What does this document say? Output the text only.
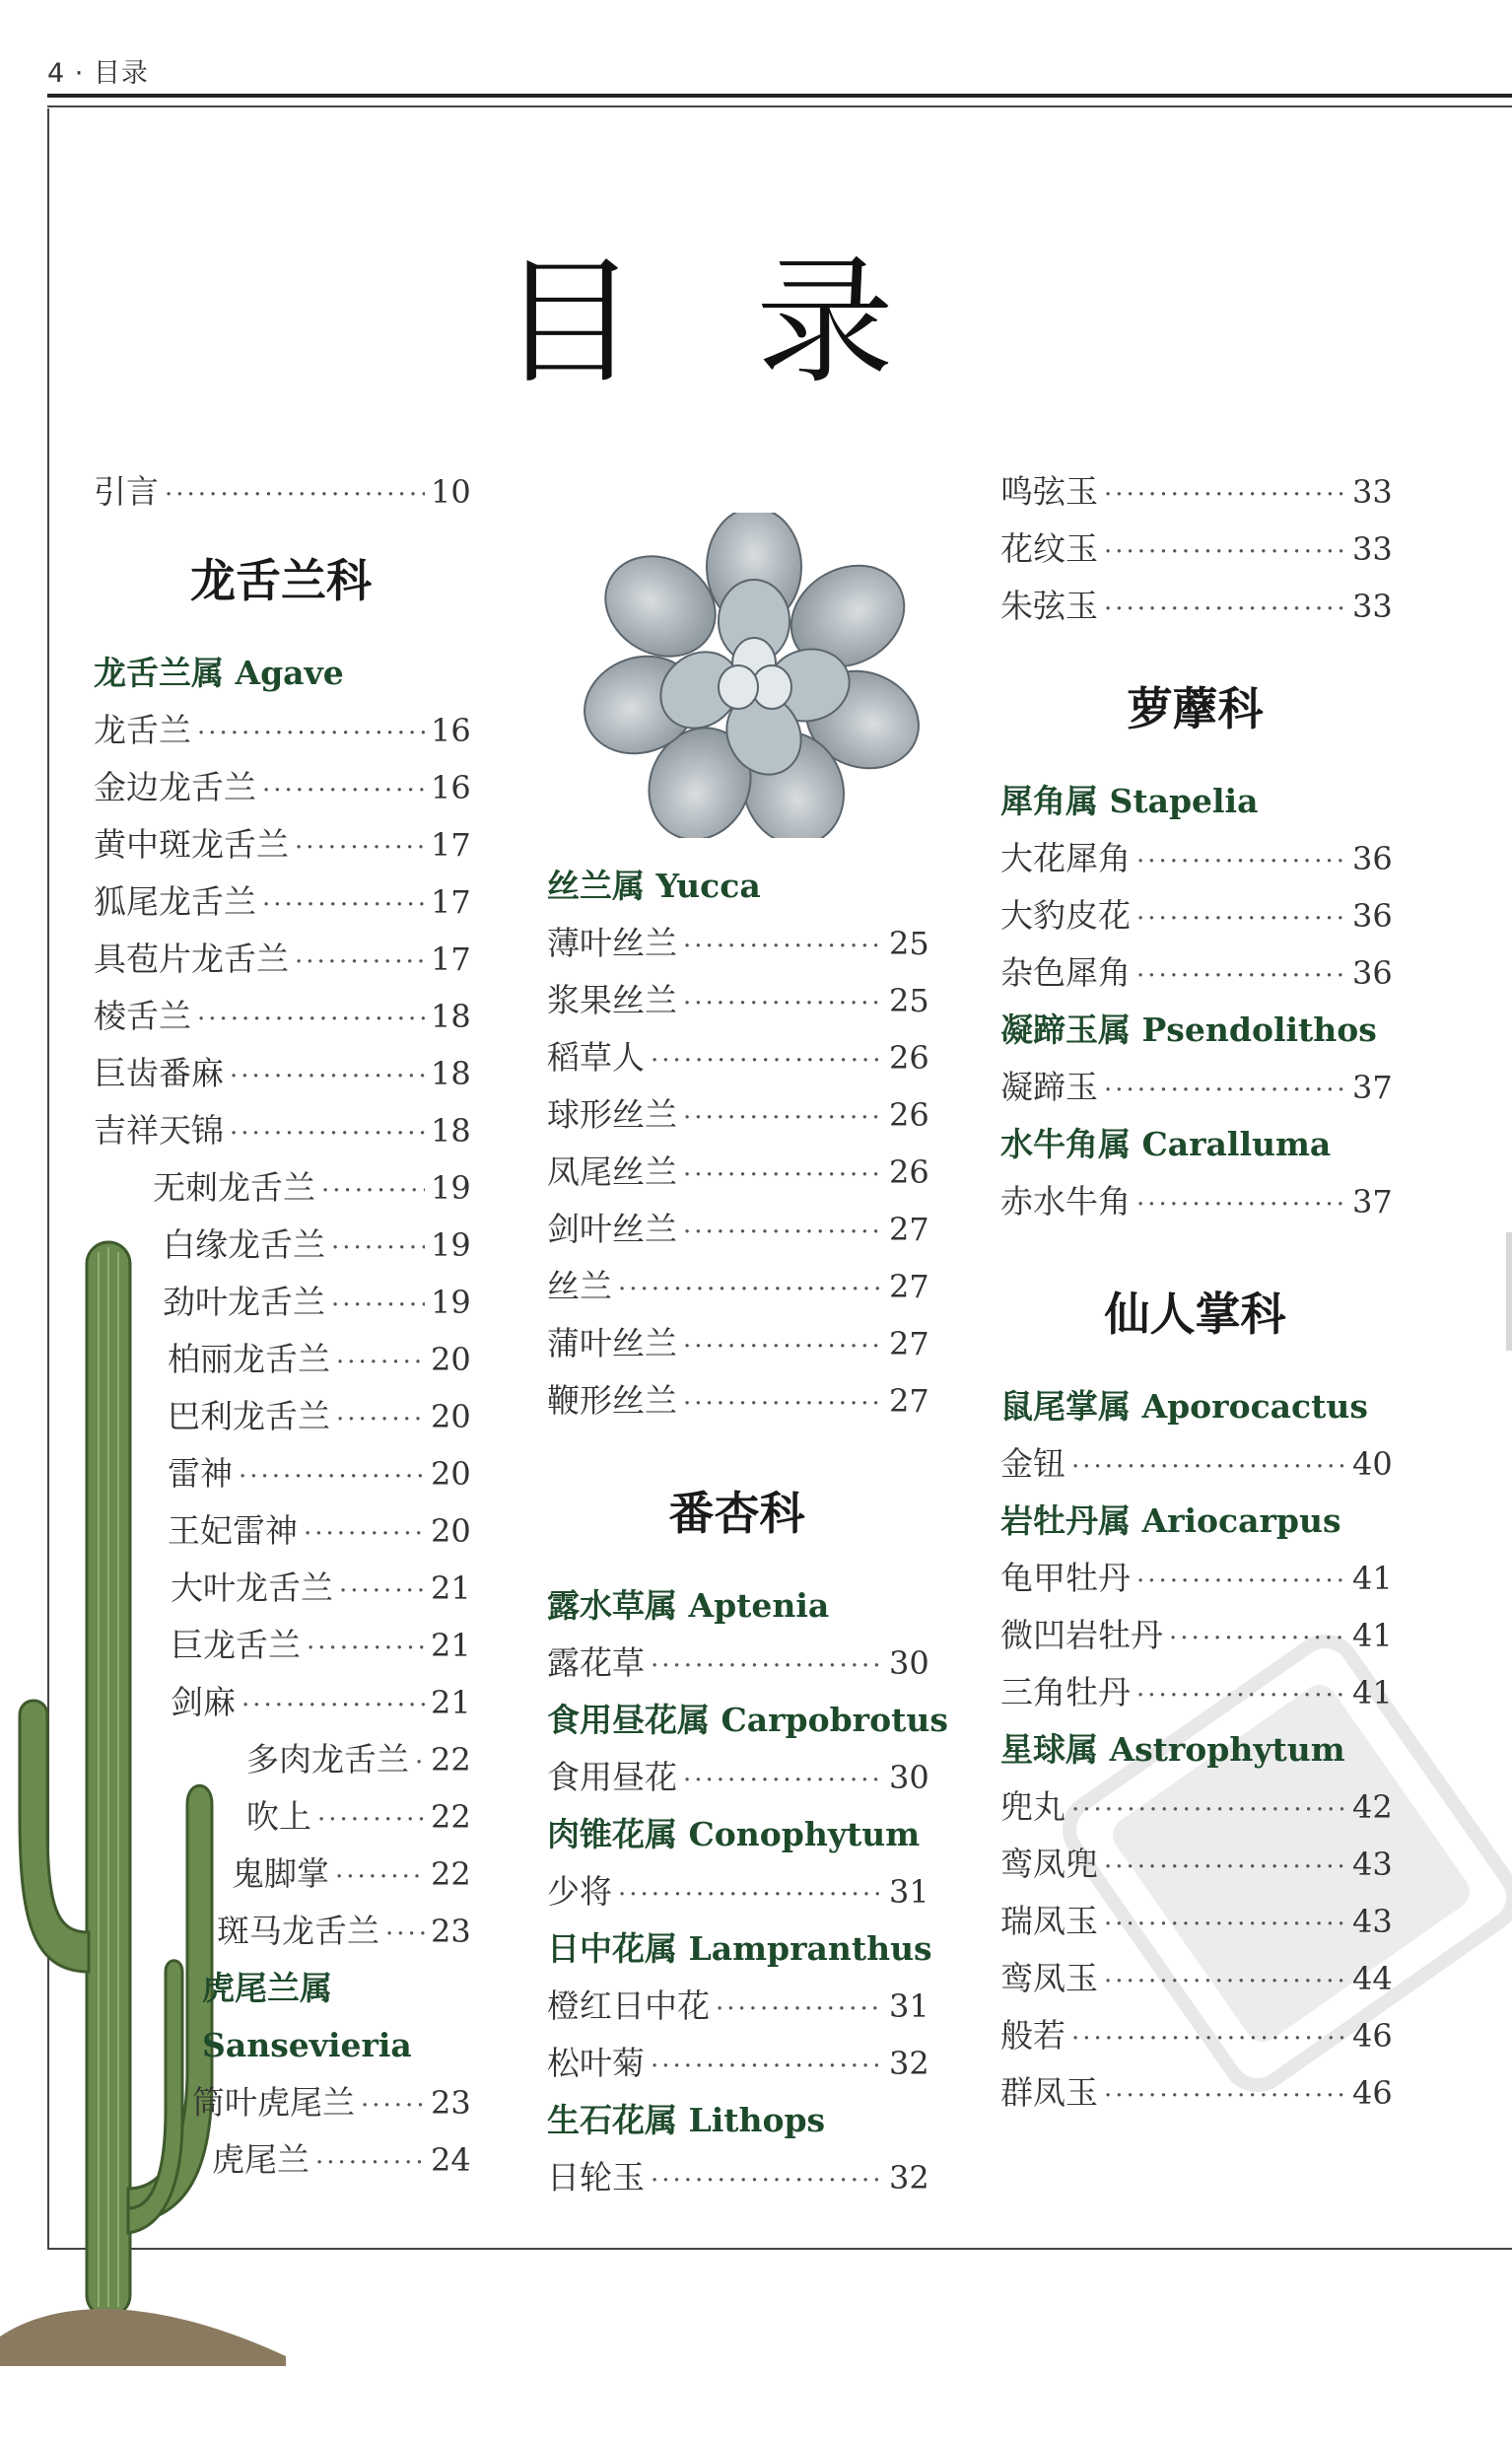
4 · 目录
目录
引言 ·····	10
龙舌兰科
龙舌兰属 Agave
龙舌兰 ·····	16
金边龙舌兰 ·····	16
黄中斑龙舌兰 ·····	17
狐尾龙舌兰 ·····	17
具苞片龙舌兰 ·····	17
棱舌兰 ·····	18
巨齿番麻 ·····	18
吉祥天锦 ·····	18
无刺龙舌兰 ·····	19
白缘龙舌兰 ·····	19
劲叶龙舌兰 ·····	19
柏丽龙舌兰 ·····	20
巴利龙舌兰 ·····	20
雷神 ·····	20
王妃雷神 ·····	20
大叶龙舌兰 ·····	21
巨龙舌兰 ·····	21
剑麻 ·····	21
多肉龙舌兰 ····· 22
吹上 ·····	22
鬼脚掌 ·····	22
斑马龙舌兰 ····· 23
虎尾兰属
Sansevieria
筒叶虎尾兰 ····· 23
虎尾兰 ·····	24
丝兰属 Yucca
薄叶丝兰 ·····	25
浆果丝兰 ·····	25
稻草人 ·····	26
球形丝兰 ·····	26
凤尾丝兰 ·····	26
剑叶丝兰 ·····	27
丝兰 ·····	27
蒲叶丝兰 ·····	27
鞭形丝兰 ·····	27
番杏科
露水草属 Aptenia
露花草 ·····	30
食用昼花属 Carpobrotus
食用昼花 ·····	30
肉锥花属 Conophytum
少将 ·····	31
日中花属 Lampranthus
橙红日中花 ·····	31
松叶菊 ·····	32
生石花属 Lithops
日轮玉 ·····	32
鸣弦玉 ·····	33
花纹玉 ·····	33
朱弦玉 ·····	33
萝藦科
犀角属 Stapelia
大花犀角 ·····	36
大豹皮花 ·····	36
杂色犀角 ·····	36
凝蹄玉属 Psendolithos
凝蹄玉 ·····	37
水牛角属 Caralluma
赤水牛角 ·····	37
仙人掌科
鼠尾掌属 Aporocactus
金钮 ·····	40
岩牡丹属 Ariocarpus
龟甲牡丹 ·····	41
微凹岩牡丹 ·····	41
三角牡丹 ·····	41
星球属 Astrophytum
兜丸 ·····	42
鸾凤兜 ·····	43
瑞凤玉 ·····	43
鸾凤玉 ·····	44
般若 ·····	46
群凤玉 ·····	46
